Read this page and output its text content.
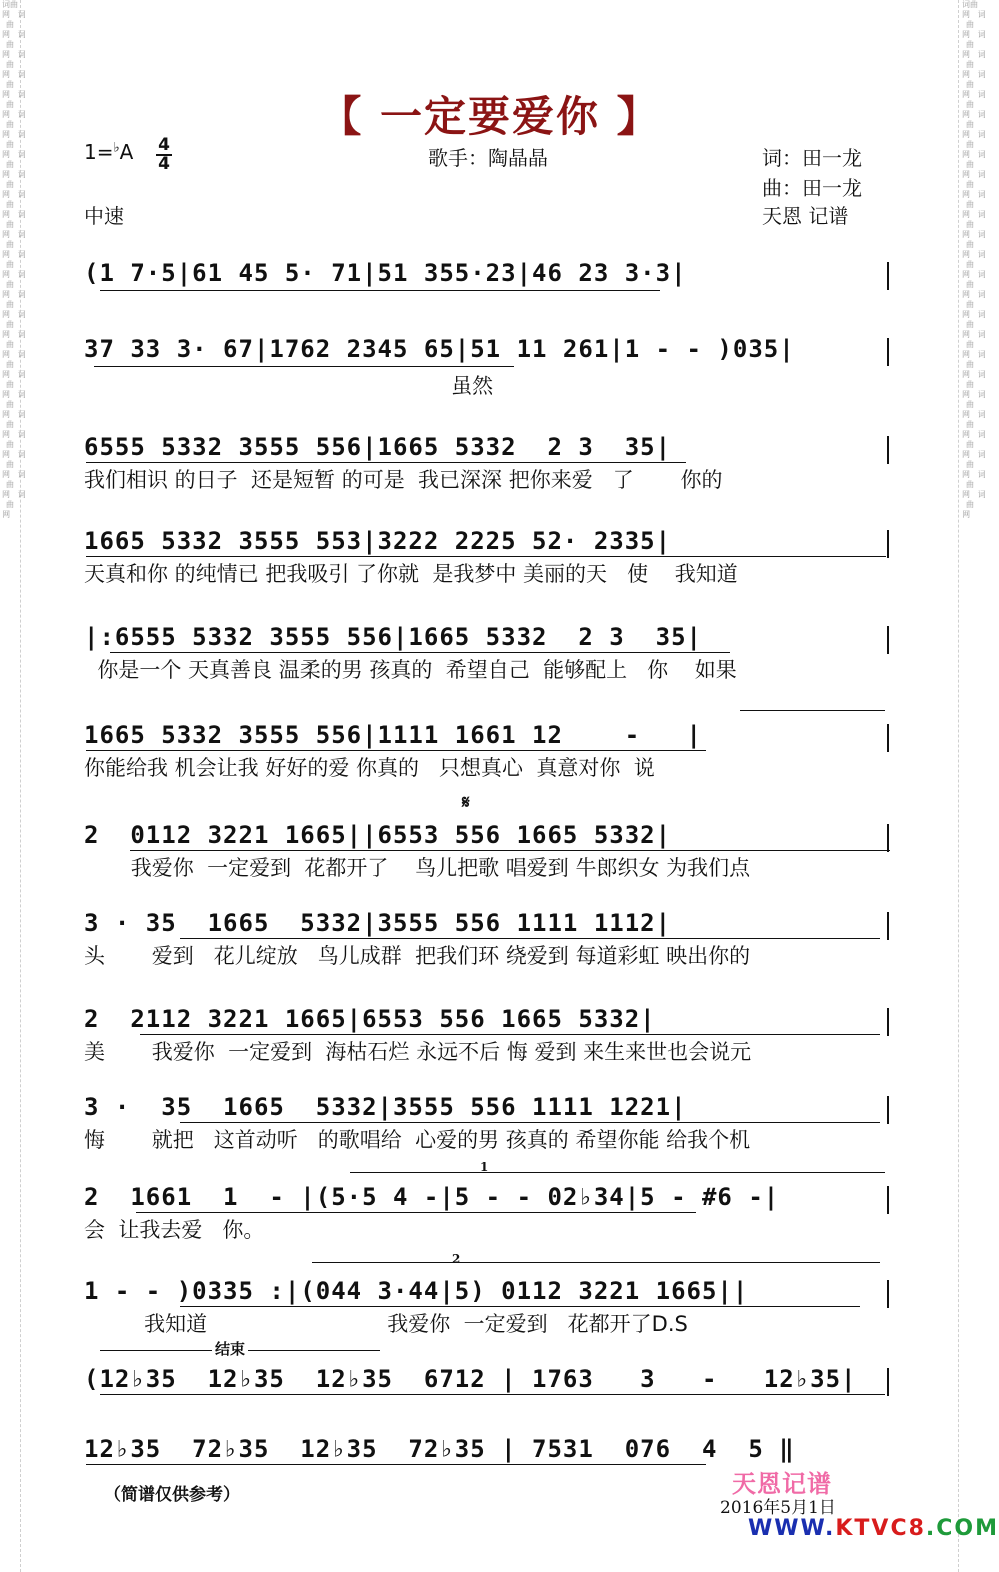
词曲网   词曲网   词曲网   词曲网   词曲网   词曲网   词曲网   词曲网   词曲网   词曲网   词曲网   词曲网   词曲网   词曲网   词曲网   词曲网   词曲网   词曲网   词曲网   词曲网   词曲网   词曲网   词曲网   词曲网   词曲网   词曲网
词曲网   词曲网   词曲网   词曲网   词曲网   词曲网   词曲网   词曲网   词曲网   词曲网   词曲网   词曲网   词曲网   词曲网   词曲网   词曲网   词曲网   词曲网   词曲网   词曲网   词曲网   词曲网   词曲网   词曲网   词曲网   词曲网
【 一定要爱你 】
1=♭A 4
4	歌手：陶晶晶	词：田一龙
曲：田一龙
中速	天恩 记谱
(1 7·5|61 45 5· 71|51 355·23|46 23 3·3|
37 33 3· 67|1762 2345 65|51 11 261|1 - - )035|
虽然
6555 5332 3555 556|1665 5332  2 3  35|
我们相识 的日子  还是短暂 的可是  我已深深 把你来爱   了       你的
1665 5332 3555 553|3222 2225 52· 2335|
天真和你 的纯情已 把我吸引 了你就  是我梦中 美丽的天   使    我知道
|:6555 5332 3555 556|1665 5332  2 3  35|
你是一个 天真善良 温柔的男 孩真的  希望自己  能够配上   你    如果
1665 5332 3555 556|1111 1661 12    -   |
你能给我 机会让我 好好的爱 你真的   只想真心  真意对你  说
𝄋
2  0112 3221 1665||6553 556 1665 5332|
我爱你  一定爱到  花都开了    鸟儿把歌 唱爱到 牛郎织女 为我们点
3 · 35  1665  5332|3555 556 1111 1112|
头       爱到   花儿绽放   鸟儿成群  把我们环 绕爱到 每道彩虹 映出你的
2  2112 3221 1665|6553 556 1665 5332|
美       我爱你  一定爱到  海枯石烂 永远不后 悔 爱到 来生来世也会说元
3 ·  35  1665  5332|3555 556 1111 1221|
悔       就把   这首动听   的歌唱给  心爱的男 孩真的 希望你能 给我个机
1
2  1661  1  - |(5·5 4 -|5 - - 02♭34|5 - #6 -|
会  让我去爱   你。
2
1 - - )0335 :|(044 3·44|5) 0112 3221 1665||
我知道                           我爱你  一定爱到   花都开了D.S
结束
(12♭35  12♭35  12♭35  6712 | 1763   3   -   12♭35|
12♭35  72♭35  12♭35  72♭35 | 7531  076  4  5 ‖
（简谱仅供参考）	天恩记谱
2016年5月1日
WWW.KTVC8.COM
